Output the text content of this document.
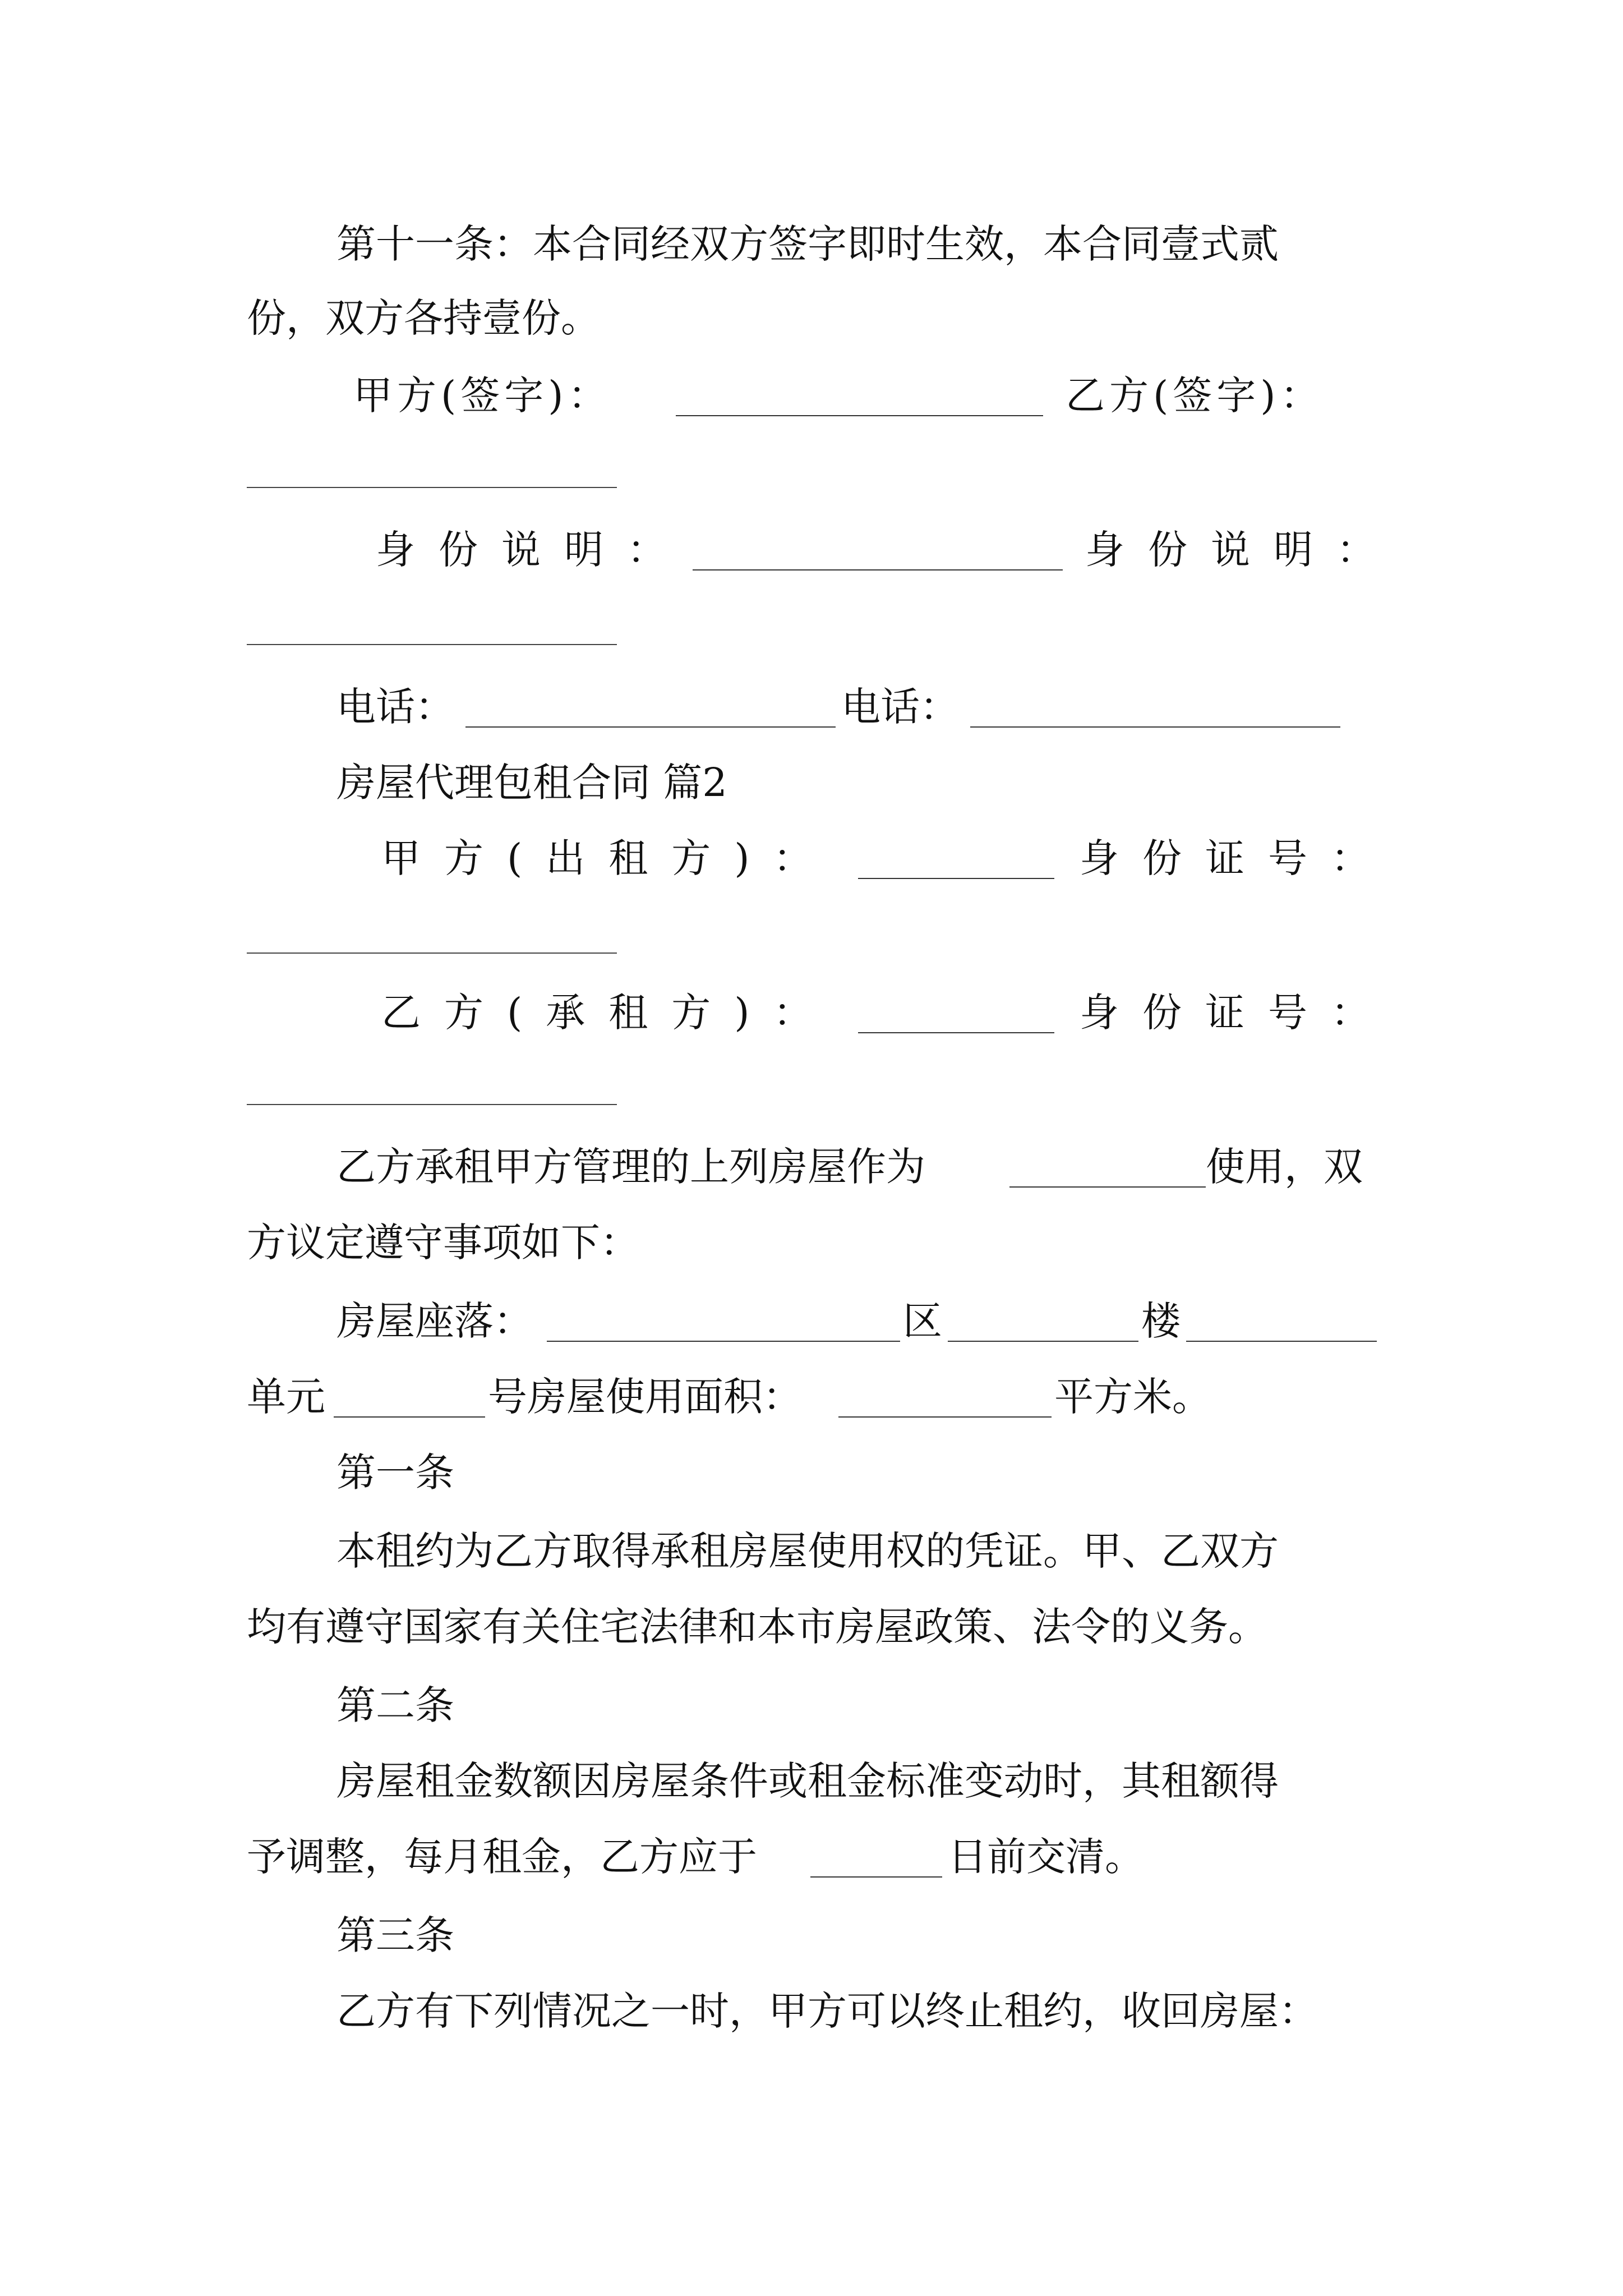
第十一条：本合同经双方签字即时生效，本合同壹式贰
份，双方各持壹份。
甲方(签字)：	乙方(签字)：
身份说明：	身份说明：
电话：	电话：
房屋代理包租合同 篇2
甲方(出租方)：	身份证号：
乙方(承租方)：	身份证号：
乙方承租甲方管理的上列房屋作为	使用，双
方议定遵守事项如下：
房屋座落：	区	楼
单元	号房屋使用面积：	平方米。
第一条
本租约为乙方取得承租房屋使用权的凭证。甲、乙双方
均有遵守国家有关住宅法律和本市房屋政策、法令的义务。
第二条
房屋租金数额因房屋条件或租金标准变动时，其租额得
予调整，每月租金，乙方应于	日前交清。
第三条
乙方有下列情况之一时，甲方可以终止租约，收回房屋：
